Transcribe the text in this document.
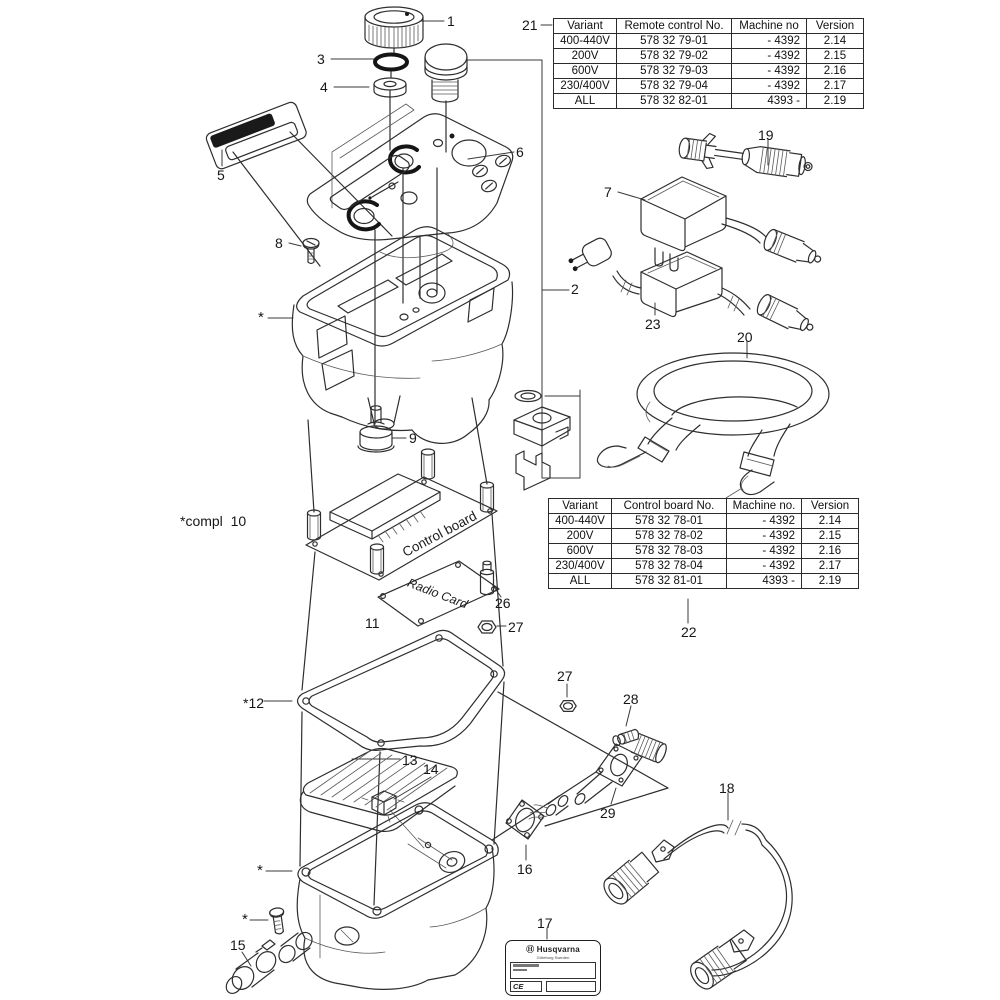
Husqvarna
Control board
Radio Card
1	21
3
4
5
6
7
19
8
2
23
20
9
*compl  10
26
11	27	22
*12
27
28
13
14
29
18
16
15
17
*
*
*
Variant	Remote control No.	Machine no	Version
400-440V	578 32 79-01	- 4392	2.14
200V	578 32 79-02	- 4392	2.15
600V	578 32 79-03	- 4392	2.16
230/400V	578 32 79-04	- 4392	2.17
ALL	578 32 82-01	4393 -	2.19
Variant	Control board No.	Machine no.	Version
400-440V	578 32 78-01	- 4392	2.14
200V	578 32 78-02	- 4392	2.15
600V	578 32 78-03	- 4392	2.16
230/400V	578 32 78-04	- 4392	2.17
ALL	578 32 81-01	4393 -	2.19
Ⓗ Husqvarna
Göteborg Sweden
CE
